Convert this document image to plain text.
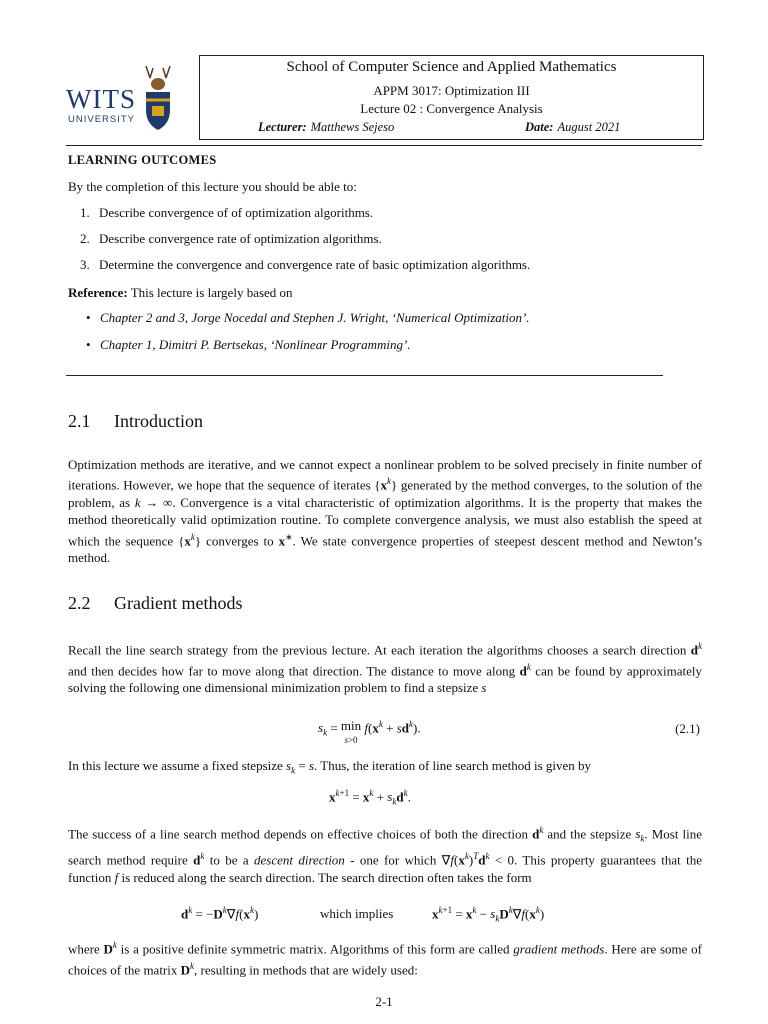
WITS
UNIVERSITY
School of Computer Science and Applied Mathematics
APPM 3017: Optimization III
Lecture 02 : Convergence Analysis
Lecturer: Matthews Sejeso	Date: August 2021
LEARNING OUTCOMES
By the completion of this lecture you should be able to:
1. Describe convergence of of optimization algorithms.
2. Describe convergence rate of optimization algorithms.
3. Determine the convergence and convergence rate of basic optimization algorithms.
Reference: This lecture is largely based on
• Chapter 2 and 3, Jorge Nocedal and Stephen J. Wright, ‘Numerical Optimization’.
• Chapter 1, Dimitri P. Bertsekas, ‘Nonlinear Programming’.
2.1 Introduction
Optimization methods are iterative, and we cannot expect a nonlinear problem to be solved precisely in finite number of iterations. However, we hope that the sequence of iterates $\{x^k\}$ generated by the method converges, to the solution of the problem, as k → ∞. Convergence is a vital characteristic of optimization algorithms. It is the property that makes the method theoretically valid optimization routine. To complete convergence analysis, we must also establish the speed at which the sequence $\{x^k\}$ converges to x∗. We state convergence properties of steepest descent method and Newton’s method.
2.2 Gradient methods
Recall the line search strategy from the previous lecture. At each iteration the algorithms chooses a search direction $d^k$ and then decides how far to move along that direction. The distance to move along $d^k$ can be found by approximately solving the following one dimensional minimization problem to find a stepsize s
$s_k = \min$
s>0 $f(x^k + sd^k)$.	(2.1)
In this lecture we assume a fixed stepsize $s_k = s$. Thus, the iteration of line search method is given by
$x^{k+1} = x^k + s_kd^k$.
The success of a line search method depends on effective choices of both the direction $d^k$ and the stepsize $s_k$. Most line search method require $d^k$ to be a descent direction - one for which $\nabla f(x^k)^Td^k < 0$. This property guarantees that the function f is reduced along the search direction. The search direction often takes the form
$d^k = -D^k\nabla f(x^k)$	which implies	$x^{k+1} = x^k - s_kD^k\nabla f(x^k)$
where $D^k$ is a positive definite symmetric matrix. Algorithms of this form are called gradient methods. Here are some of choices of the matrix $D^k$, resulting in methods that are widely used:
2-1
